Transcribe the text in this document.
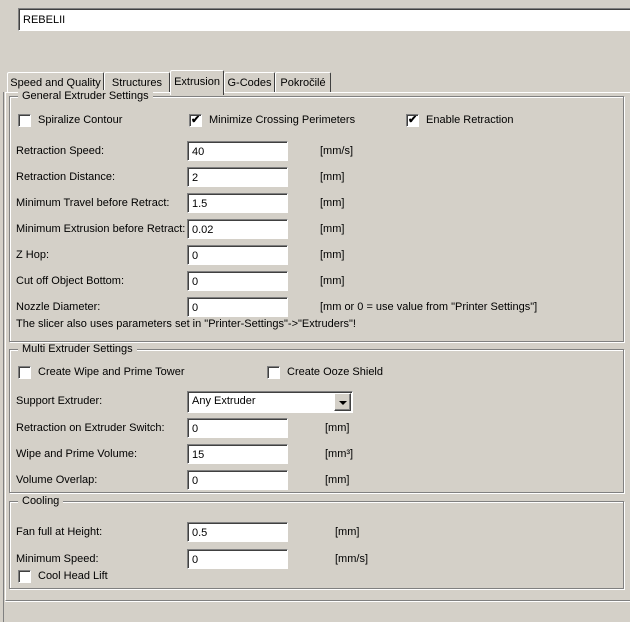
REBELII
Speed and Quality Structures Extrusion G-Codes Pokročilé
General Extruder Settings
Spiralize Contour	✔ Minimize Crossing Perimeters	✔ Enable Retraction
Retraction Speed:
40	[mm/s]
Retraction Distance:
2	[mm]
Minimum Travel before Retract:
1.5	[mm]
Minimum Extrusion before Retract:
0.02	[mm]
Z Hop:
0	[mm]
Cut off Object Bottom:
0	[mm]
Nozzle Diameter:
0	[mm or 0 = use value from "Printer Settings"]
The slicer also uses parameters set in "Printer-Settings"->"Extruders"!
Multi Extruder Settings
Create Wipe and Prime Tower	Create Ooze Shield
Support Extruder:	Any Extruder
Retraction on Extruder Switch:
0	[mm]
Wipe and Prime Volume:
15	[mm³]
Volume Overlap:
0	[mm]
Cooling
Fan full at Height:
0.5	[mm]
Minimum Speed:
0	[mm/s]
Cool Head Lift
